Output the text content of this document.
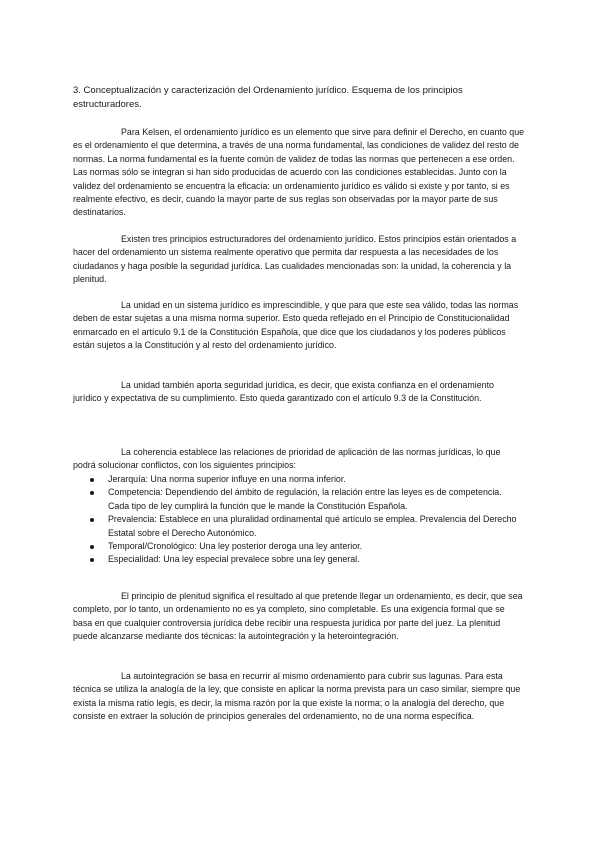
3. Conceptualización y caracterización del Ordenamiento jurídico. Esquema de los principios estructuradores.

Para Kelsen, el ordenamiento jurídico es un elemento que sirve para definir el Derecho, en cuanto que es el ordenamiento el que determina, a través de una norma fundamental, las condiciones de validez del resto de normas. La norma fundamental es la fuente común de validez de todas las normas que pertenecen a ese orden. Las normas sólo se integran si han sido producidas de acuerdo con las condiciones establecidas. Junto con la validez del ordenamiento se encuentra la eficacia: un ordenamiento jurídico es válido si existe y por tanto, si es realmente efectivo, es decir, cuando la mayor parte de sus reglas son observadas por la mayor parte de sus destinatarios.

Existen tres principios estructuradores del ordenamiento jurídico. Estos principios están orientados a hacer del ordenamiento un sistema realmente operativo que permita dar respuesta a las necesidades de los ciudadanos y haga posible la seguridad jurídica. Las cualidades mencionadas son: la unidad, la coherencia y la plenitud.

La unidad en un sistema jurídico es imprescindible, y que para que este sea válido, todas las normas deben de estar sujetas a una misma norma superior. Esto queda reflejado en el Principio de Constitucionalidad enmarcado en el artículo 9.1 de la Constitución Española, que dice que los ciudadanos y los poderes públicos están sujetos a la Constitución y al resto del ordenamiento jurídico.

La unidad también aporta seguridad jurídica, es decir, que exista confianza en el ordenamiento jurídico y expectativa de su cumplimiento. Esto queda garantizado con el artículo 9.3 de la Constitución.

La coherencia establece las relaciones de prioridad de aplicación de las normas jurídicas, lo que podrá solucionar conflictos, con los siguientes principios:

Jerarquía: Una norma superior influye en una norma inferior.
Competencia: Dependiendo del ámbito de regulación, la relación entre las leyes es de competencia. Cada tipo de ley cumplirá la función que le mande la Constitución Española.
Prevalencia: Establece en una pluralidad ordinamental qué artículo se emplea. Prevalencia del Derecho Estatal sobre el Derecho Autonómico.
Temporal/Cronológico: Una ley posterior deroga una ley anterior.
Especialidad: Una ley especial prevalece sobre una ley general.

El principio de plenitud significa el resultado al que pretende llegar un ordenamiento, es decir, que sea completo, por lo tanto, un ordenamiento no es ya completo, sino completable. Es una exigencia formal que se basa en que cualquier controversia jurídica debe recibir una respuesta jurídica por parte del juez. La plenitud puede alcanzarse mediante dos técnicas: la autointegración y la heterointegración.

La autointegración se basa en recurrir al mismo ordenamiento para cubrir sus lagunas. Para esta técnica se utiliza la analogía de la ley, que consiste en aplicar la norma prevista para un caso similar, siempre que exista la misma ratio legis, es decir, la misma razón por la que existe la norma; o la analogía del derecho, que consiste en extraer la solución de principios generales del ordenamiento, no de una norma específica.
